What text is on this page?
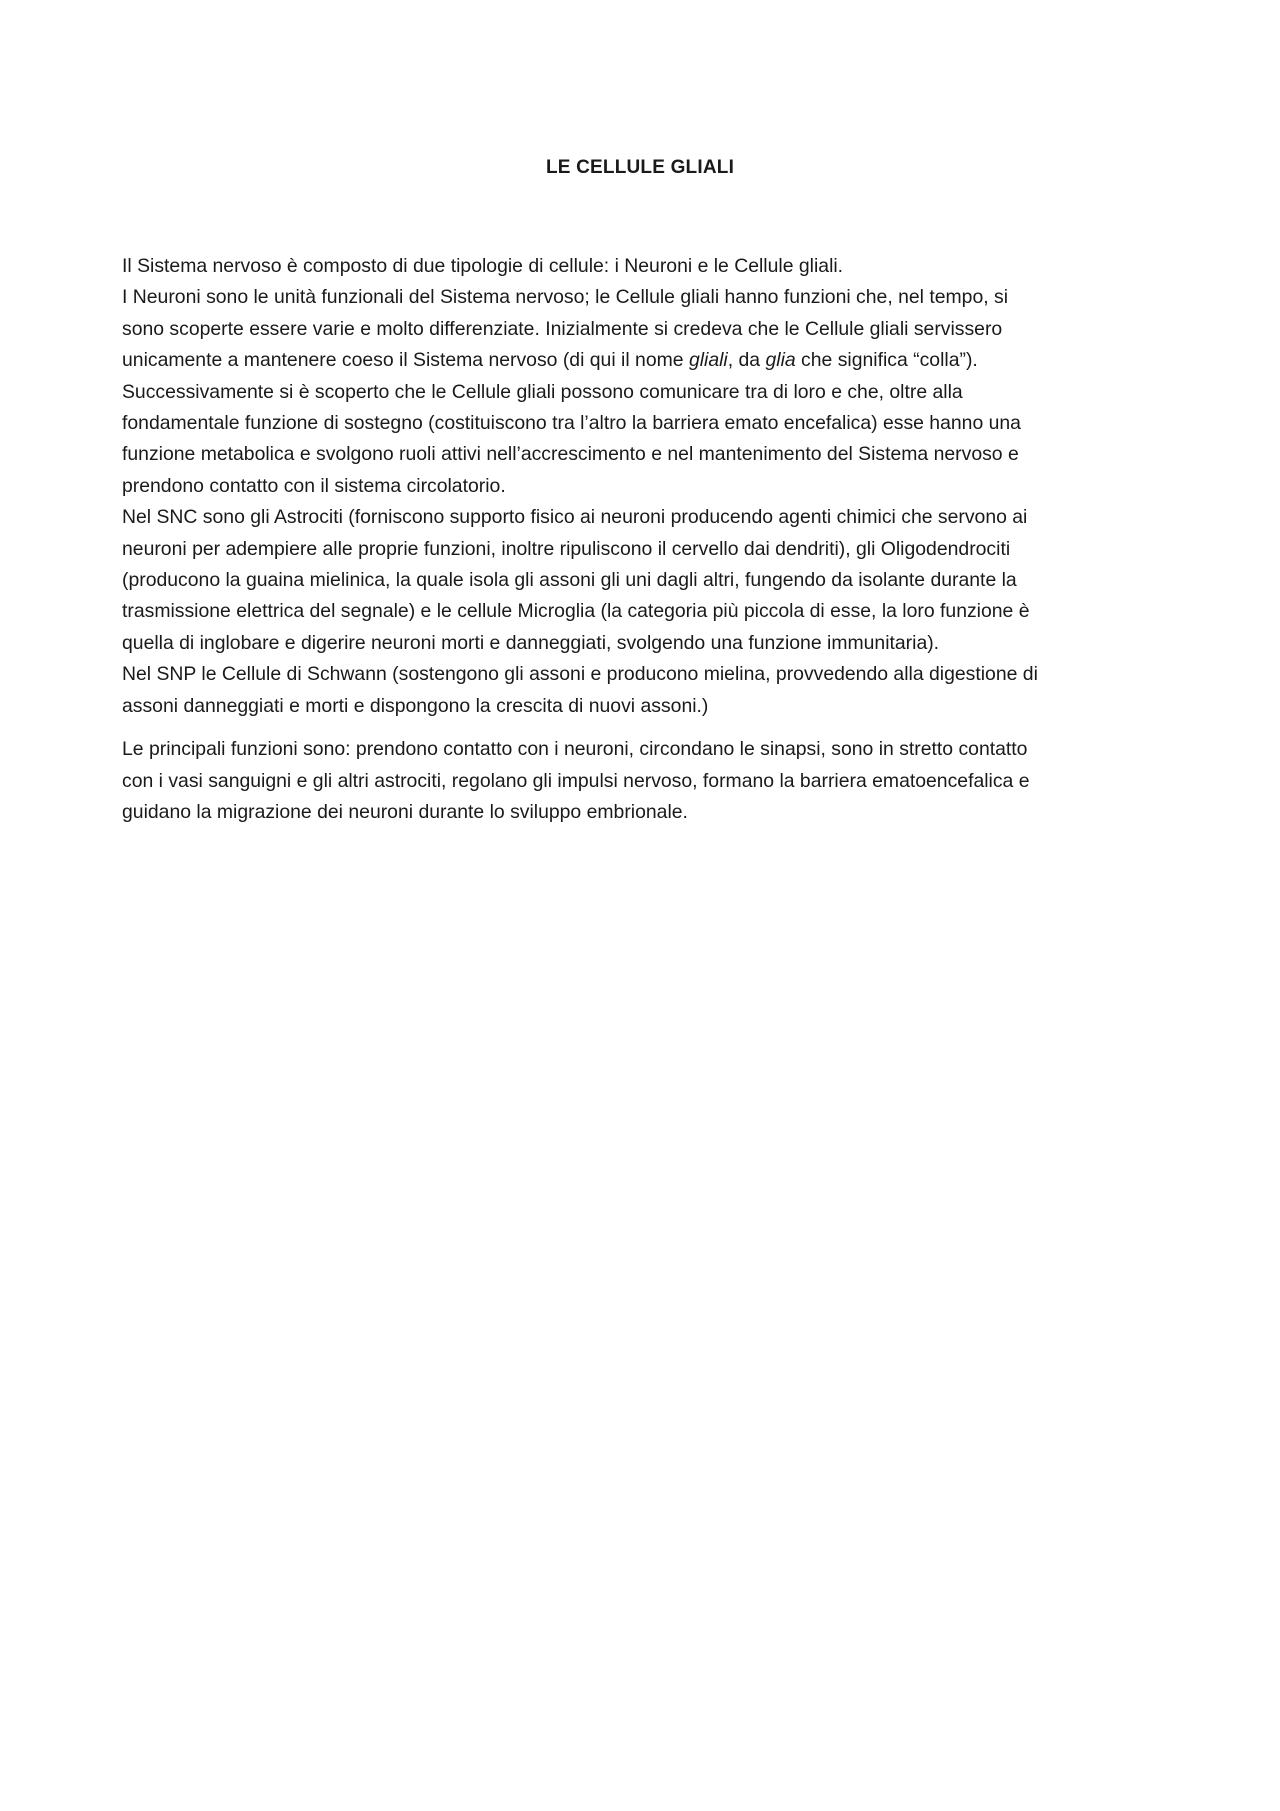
LE CELLULE GLIALI

Il Sistema nervoso è composto di due tipologie di cellule: i Neuroni e le Cellule gliali.

I Neuroni sono le unità funzionali del Sistema nervoso; le Cellule gliali hanno funzioni che, nel tempo, si

sono scoperte essere varie e molto differenziate. Inizialmente si credeva che le Cellule gliali servissero

unicamente a mantenere coeso il Sistema nervoso (di qui il nome gliali, da glia che significa “colla”).

Successivamente si è scoperto che le Cellule gliali possono comunicare tra di loro e che, oltre alla

fondamentale funzione di sostegno (costituiscono tra l’altro la barriera emato encefalica) esse hanno una

funzione metabolica e svolgono ruoli attivi nell’accrescimento e nel mantenimento del Sistema nervoso e

prendono contatto con il sistema circolatorio.

Nel SNC sono gli Astrociti (forniscono supporto fisico ai neuroni producendo agenti chimici che servono ai

neuroni per adempiere alle proprie funzioni, inoltre ripuliscono il cervello dai dendriti), gli Oligodendrociti

(producono la guaina mielinica, la quale isola gli assoni gli uni dagli altri, fungendo da isolante durante la

trasmissione elettrica del segnale) e le cellule Microglia (la categoria più piccola di esse, la loro funzione è

quella di inglobare e digerire neuroni morti e danneggiati, svolgendo una funzione immunitaria).

Nel SNP le Cellule di Schwann (sostengono gli assoni e producono mielina, provvedendo alla digestione di

assoni danneggiati e morti e dispongono la crescita di nuovi assoni.)

Le principali funzioni sono: prendono contatto con i neuroni, circondano le sinapsi, sono in stretto contatto

con i vasi sanguigni e gli altri astrociti, regolano gli impulsi nervoso, formano la barriera ematoencefalica e

guidano la migrazione dei neuroni durante lo sviluppo embrionale.
